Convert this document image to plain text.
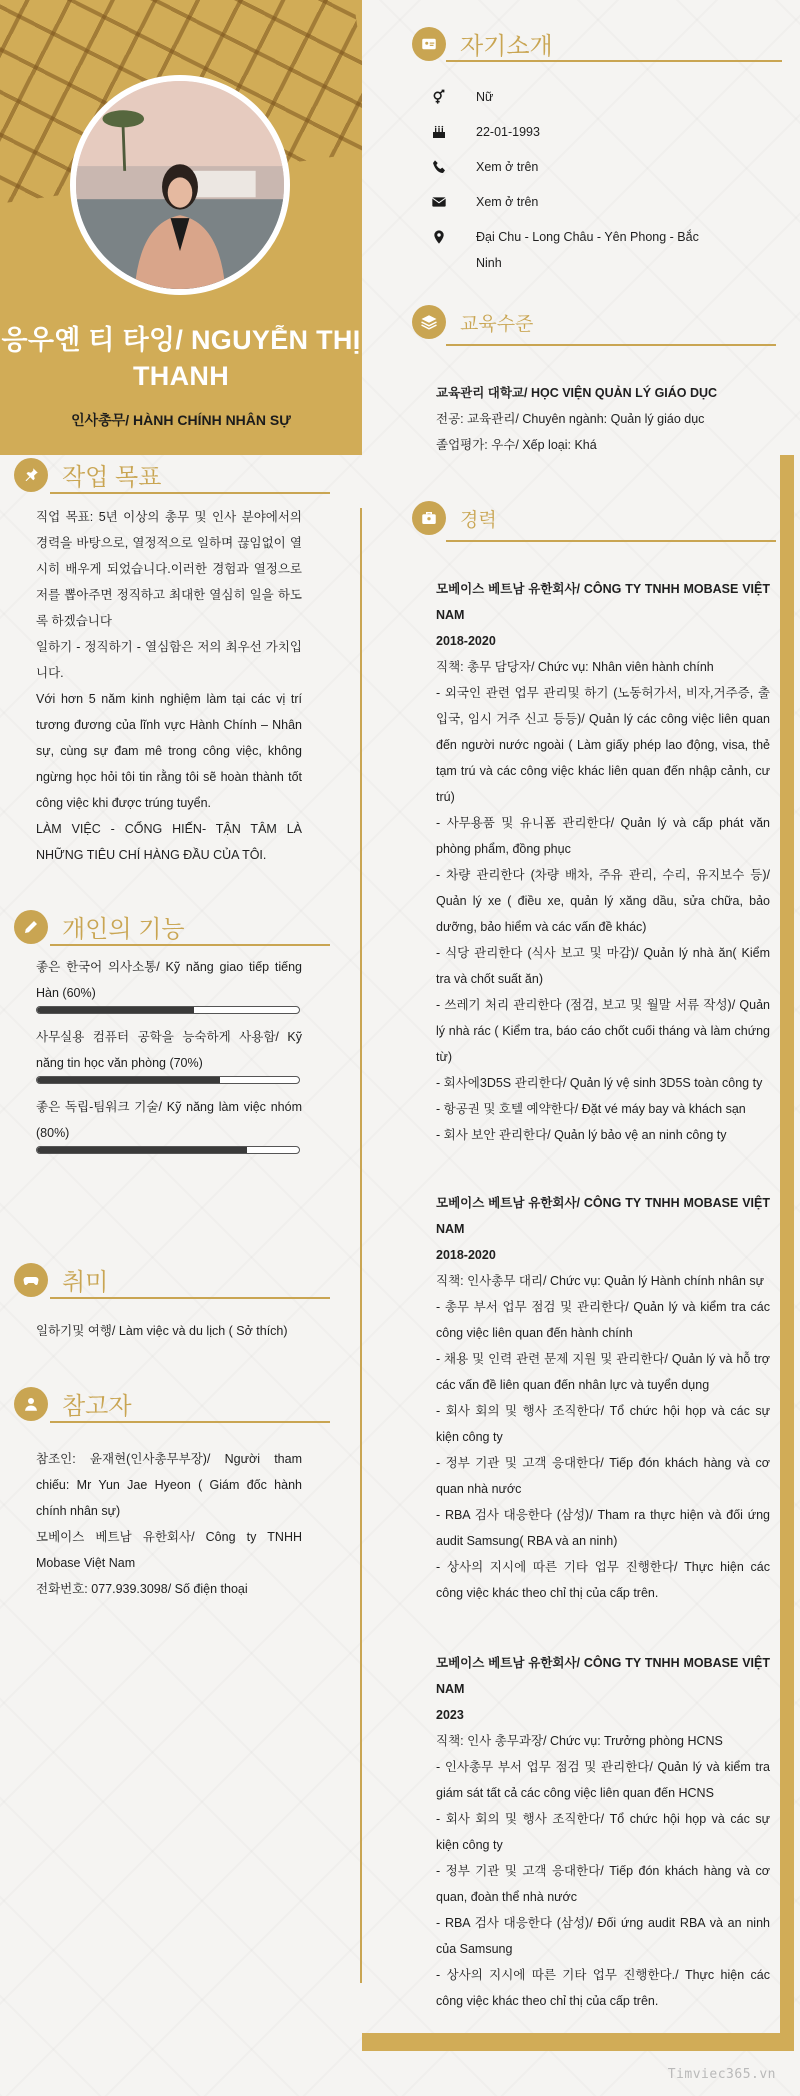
응우옌 티 타잉/ NGUYỄN THỊ THANH
인사총무/ HÀNH CHÍNH NHÂN SỰ
작업 목표

직업 목표: 5년 이상의 총무 및 인사 분야에서의 경력을 바탕으로, 열정적으로 일하며 끊임없이 열시히 배우게 되었습니다.이러한 경험과 열정으로 저를 뽑아주면 정직하고 최대한 열심히 일을 하도록 하겠습니다

일하기 - 정직하기 - 열심함은 저의 최우선 가치입니다.

Với hơn 5 năm kinh nghiệm làm tại các vị trí tương đương của lĩnh vực Hành Chính – Nhân sự, cùng sự đam mê trong công việc, không ngừng học hỏi tôi tin rằng tôi sẽ hoàn thành tốt công việc khi được trúng tuyển.

LÀM VIỆC - CỐNG HIẾN- TẬN TÂM LÀ NHỮNG TIÊU CHÍ HÀNG ĐẦU CỦA TÔI.

개인의 기능
좋은 한국어 의사소통/ Kỹ năng giao tiếp tiếng Hàn (60%)
사무실용 컴퓨터 공학을 능숙하게 사용함/ Kỹ năng tin học văn phòng (70%)
좋은 독립-팀워크 기술/ Kỹ năng làm việc nhóm (80%)
취미
일하기및 여행/ Làm việc và du lịch ( Sở thích)
참고자

참조인: 윤재현(인사총무부장)/ Người tham chiếu: Mr Yun Jae Hyeon ( Giám đốc hành chính nhân sự)

모베이스 베트남 유한회사/ Công ty TNHH Mobase Việt Nam

전화번호: 077.939.3098/ Số điện thoại

자기소개
Nữ
22-01-1993
Xem ở trên
Xem ở trên
Đại Chu - Long Châu - Yên Phong - Bắc Ninh
교육수준
교육관리 대학교/ HỌC VIỆN QUẢN LÝ GIÁO DỤC
전공: 교육관리/ Chuyên ngành: Quản lý giáo dục
졸업평가: 우수/ Xếp loại: Khá
경력
모베이스 베트남 유한회사/ CÔNG TY TNHH MOBASE VIỆT NAM
2018-2020
직책: 총무 담당자/ Chức vụ: Nhân viên hành chính
- 외국인 관련 업무 관리및 하기 (노동허가서, 비자,거주증, 출입국, 임시 거주 신고 등등)/ Quản lý các công việc liên quan đến người nước ngoài ( Làm giấy phép lao động, visa, thẻ tạm trú và các công việc khác liên quan đến nhập cảnh, cư trú)
- 사무용품 및 유니폼 관리한다/ Quản lý và cấp phát văn phòng phẩm, đồng phục
- 차량 관리한다 (차량 배차, 주유 관리, 수리, 유지보수 등)/ Quản lý xe ( điều xe, quản lý xăng dầu, sửa chữa, bảo dưỡng, bảo hiểm và các vấn đề khác)
- 식당 관리한다 (식사 보고 및 마감)/ Quản lý nhà ăn( Kiểm tra và chốt suất ăn)
- 쓰레기 처리 관리한다 (점검, 보고 및 월말 서류 작성)/ Quản lý nhà rác ( Kiểm tra, báo cáo chốt cuối tháng và làm chứng từ)
- 회사에3D5S 관리한다/ Quản lý vệ sinh 3D5S toàn công ty
- 항공권 및 호텔 예약한다/ Đặt vé máy bay và khách sạn
- 회사 보안 관리한다/ Quản lý bảo vệ an ninh công ty
모베이스 베트남 유한회사/ CÔNG TY TNHH MOBASE VIỆT NAM
2018-2020
직책: 인사총무 대리/ Chức vụ: Quản lý Hành chính nhân sự
- 총무 부서 업무 점검 및 관리한다/ Quản lý và kiểm tra các công việc liên quan đến hành chính
- 채용 및 인력 관련 문제 지원 및 관리한다/ Quản lý và hỗ trợ các vấn đề liên quan đến nhân lực và tuyển dụng
- 회사 회의 및 행사 조직한다/ Tổ chức hội họp và các sự kiện công ty
- 정부 기관 및 고객 응대한다/ Tiếp đón khách hàng và cơ quan nhà nước
- RBA 검사 대응한다 (삼성)/ Tham ra thực hiện và đối ứng audit Samsung( RBA và an ninh)
- 상사의 지시에 따른 기타 업무 진행한다/ Thực hiện các công việc khác theo chỉ thị của cấp trên.
모베이스 베트남 유한회사/ CÔNG TY TNHH MOBASE VIỆT NAM
2023
직책: 인사 총무과장/ Chức vụ: Trưởng phòng HCNS
- 인사총무 부서 업무 점검 및 관리한다/ Quản lý và kiểm tra giám sát tất cả các công việc liên quan đến HCNS
- 회사 회의 및 행사 조직한다/ Tổ chức hội họp và các sự kiện công ty
- 정부 기관 및 고객 응대한다/ Tiếp đón khách hàng và cơ quan, đoàn thể nhà nước
- RBA 검사 대응한다 (삼성)/ Đối ứng audit RBA và an ninh của Samsung
- 상사의 지시에 따른 기타 업무 진행한다./ Thực hiện các công việc khác theo chỉ thị của cấp trên.
Timviec365.vn
